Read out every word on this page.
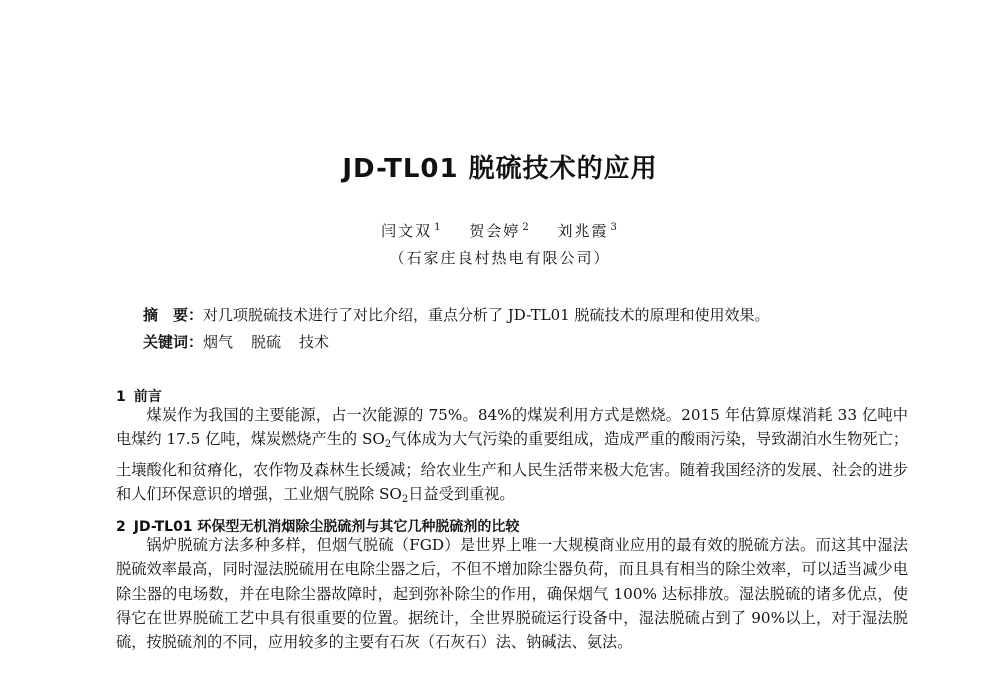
JD-TL01 脱硫技术的应用
闫文双 $^1$ 贺会婷 $^2$ 刘兆霞 $^3$
（石家庄良村热电有限公司）
摘　要：对几项脱硫技术进行了对比介绍，重点分析了 JD-TL01 脱硫技术的原理和使用效果。
关键词：烟气 脱硫 技术
1 前言

煤炭作为我国的主要能源，占一次能源的 75%。84%的煤炭利用方式是燃烧。2015 年估算原煤消耗 33 亿吨中电煤约 17.5 亿吨，煤炭燃烧产生的 $SO_2$气体成为大气污染的重要组成，造成严重的酸雨污染，导致湖泊水生物死亡；土壤酸化和贫瘠化，农作物及森林生长缓减；给农业生产和人民生活带来极大危害。随着我国经济的发展、社会的进步和人们环保意识的增强，工业烟气脱除 $SO_2$日益受到重视。

2 JD-TL01 环保型无机消烟除尘脱硫剂与其它几种脱硫剂的比较

锅炉脱硫方法多种多样，但烟气脱硫（FGD）是世界上唯一大规模商业应用的最有效的脱硫方法。而这其中湿法脱硫效率最高，同时湿法脱硫用在电除尘器之后，不但不增加除尘器负荷，而且具有相当的除尘效率，可以适当减少电除尘器的电场数，并在电除尘器故障时，起到弥补除尘的作用，确保烟气 100% 达标排放。湿法脱硫的诸多优点，使得它在世界脱硫工艺中具有很重要的位置。据统计，全世界脱硫运行设备中，湿法脱硫占到了 90%以上，对于湿法脱硫，按脱硫剂的不同，应用较多的主要有石灰（石灰石）法、钠碱法、氨法。
